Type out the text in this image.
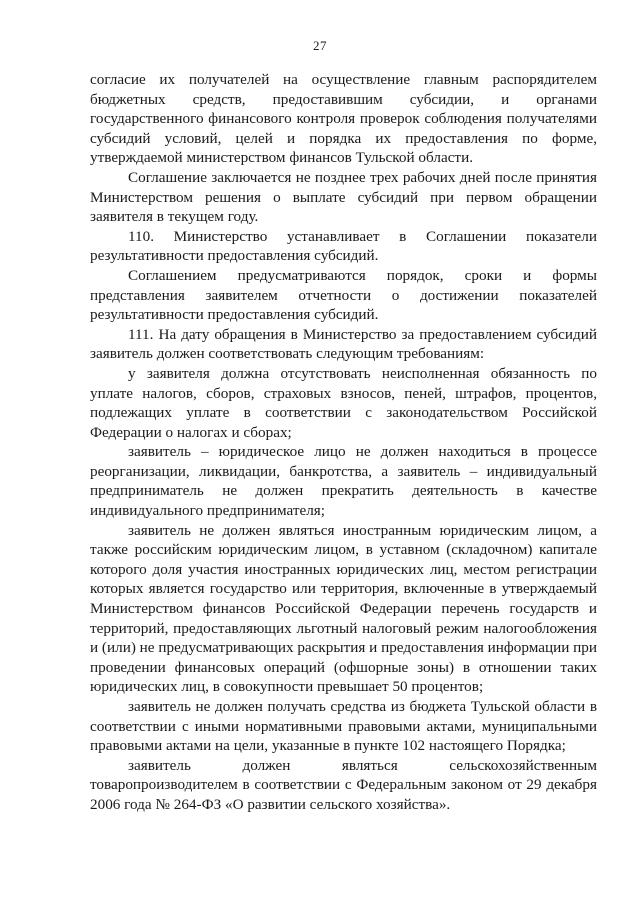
27

согласие их получателей на осуществление главным распорядителем бюджетных средств, предоставившим субсидии, и органами государственного финансового контроля проверок соблюдения получателями субсидий условий, целей и порядка их предоставления по форме, утверждаемой министерством финансов Тульской области.

Соглашение заключается не позднее трех рабочих дней после принятия Министерством решения о выплате субсидий при первом обращении заявителя в текущем году.

110. Министерство устанавливает в Соглашении показатели результативности предоставления субсидий.

Соглашением предусматриваются порядок, сроки и формы представления заявителем отчетности о достижении показателей результативности предоставления субсидий.

111. На дату обращения в Министерство за предоставлением субсидий заявитель должен соответствовать следующим требованиям:

у заявителя должна отсутствовать неисполненная обязанность по уплате налогов, сборов, страховых взносов, пеней, штрафов, процентов, подлежащих уплате в соответствии с законодательством Российской Федерации о налогах и сборах;

заявитель – юридическое лицо не должен находиться в процессе реорганизации, ликвидации, банкротства, а заявитель – индивидуальный предприниматель не должен прекратить деятельность в качестве индивидуального предпринимателя;

заявитель не должен являться иностранным юридическим лицом, а также российским юридическим лицом, в уставном (складочном) капитале которого доля участия иностранных юридических лиц, местом регистрации которых является государство или территория, включенные в утверждаемый Министерством финансов Российской Федерации перечень государств и территорий, предоставляющих льготный налоговый режим налогообложения и (или) не предусматривающих раскрытия и предоставления информации при проведении финансовых операций (офшорные зоны) в отношении таких юридических лиц, в совокупности превышает 50 процентов;

заявитель не должен получать средства из бюджета Тульской области в соответствии с иными нормативными правовыми актами, муниципальными правовыми актами на цели, указанные в пункте 102 настоящего Порядка;

заявитель должен являться сельскохозяйственным товаропроизводителем в соответствии с Федеральным законом от 29 декабря 2006 года № 264-ФЗ «О развитии сельского хозяйства».
